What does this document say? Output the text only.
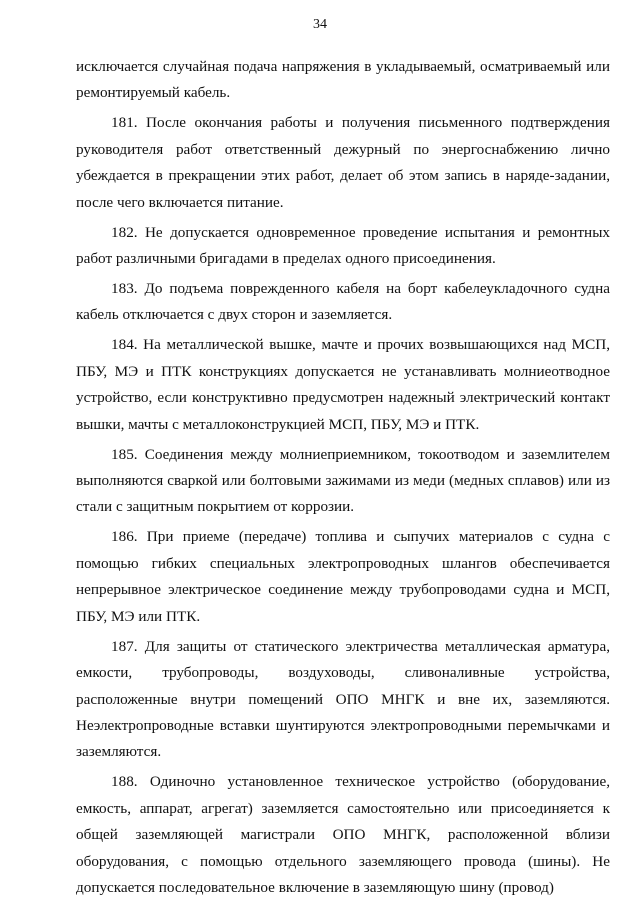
34

исключается случайная подача напряжения в укладываемый, осматриваемый или ремонтируемый кабель.

181. После окончания работы и получения письменного подтверждения руководителя работ ответственный дежурный по энергоснабжению лично убеждается в прекращении этих работ, делает об этом запись в наряде-задании, после чего включается питание.

182. Не допускается одновременное проведение испытания и ремонтных работ различными бригадами в пределах одного присоединения.

183. До подъема поврежденного кабеля на борт кабелеукладочного судна кабель отключается с двух сторон и заземляется.

184. На металлической вышке, мачте и прочих возвышающихся над МСП, ПБУ, МЭ и ПТК конструкциях допускается не устанавливать молниеотводное устройство, если конструктивно предусмотрен надежный электрический контакт вышки, мачты с металлоконструкцией МСП, ПБУ, МЭ и ПТК.

185. Соединения между молниеприемником, токоотводом и заземлителем выполняются сваркой или болтовыми зажимами из меди (медных сплавов) или из стали с защитным покрытием от коррозии.

186. При приеме (передаче) топлива и сыпучих материалов с судна с помощью гибких специальных электропроводных шлангов обеспечивается непрерывное электрическое соединение между трубопроводами судна и МСП, ПБУ, МЭ или ПТК.

187. Для защиты от статического электричества металлическая арматура, емкости, трубопроводы, воздуховоды, сливоналивные устройства, расположенные внутри помещений ОПО МНГК и вне их, заземляются. Неэлектропроводные вставки шунтируются электропроводными перемычками и заземляются.

188. Одиночно установленное техническое устройство (оборудование, емкость, аппарат, агрегат) заземляется самостоятельно или присоединяется к общей заземляющей магистрали ОПО МНГК, расположенной вблизи оборудования, с помощью отдельного заземляющего провода (шины). Не допускается последовательное включение в заземляющую шину (провод)
